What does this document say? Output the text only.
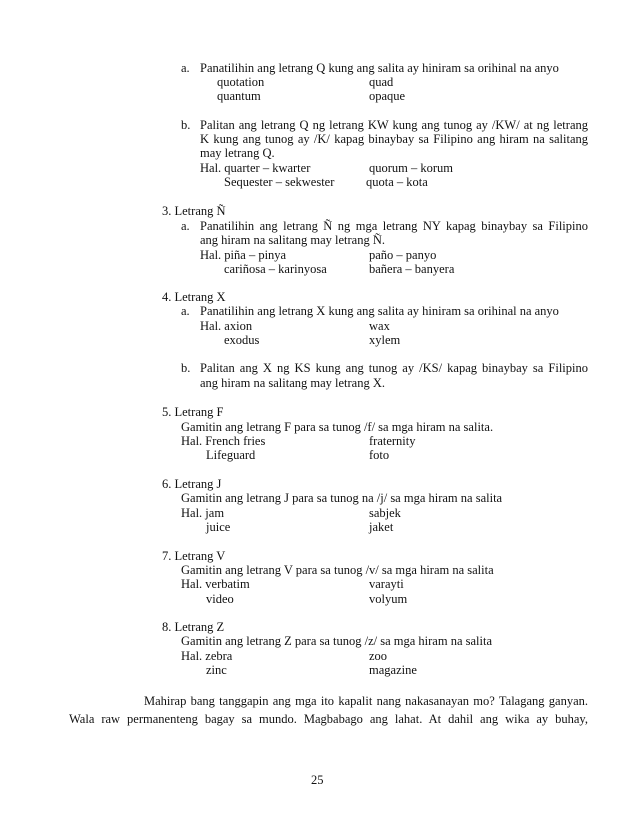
a. Panatilihin ang letrang Q kung ang salita ay hiniram sa orihinal na anyo
quotation	quad
quantum	opaque
b. Palitan ang letrang Q ng letrang KW kung ang tunog ay /KW/ at ng letrang
K kung ang tunog ay /K/ kapag binaybay sa Filipino ang hiram na salitang
may letrang Q.
Hal. quarter – kwarter	quorum – korum
Sequester – sekwester	quota – kota
3. Letrang Ñ
a. Panatilihin ang letrang Ñ ng mga letrang NY kapag binaybay sa Filipino
ang hiram na salitang may letrang Ñ.
Hal. piña – pinya	paño – panyo
cariñosa – karinyosa	bañera – banyera
4. Letrang X
a. Panatilihin ang letrang X kung ang salita ay hiniram sa orihinal na anyo
Hal. axion	wax
exodus	xylem
b. Palitan ang X ng KS kung ang tunog ay /KS/ kapag binaybay sa Filipino
ang hiram na salitang may letrang X.
5. Letrang F
Gamitin ang letrang F para sa tunog /f/ sa mga hiram na salita.
Hal. French fries	fraternity
Lifeguard	foto
6. Letrang J
Gamitin ang letrang J para sa tunog na /j/ sa mga hiram na salita
Hal. jam	sabjek
juice	jaket
7. Letrang V
Gamitin ang letrang V para sa tunog /v/ sa mga hiram na salita
Hal. verbatim	varayti
video	volyum
8. Letrang Z
Gamitin ang letrang Z para sa tunog /z/ sa mga hiram na salita
Hal. zebra	zoo
zinc	magazine
Mahirap bang tanggapin ang mga ito kapalit nang nakasanayan mo? Talagang ganyan.
Wala raw permanenteng bagay sa mundo. Magbabago ang lahat. At dahil ang wika ay buhay,
25
